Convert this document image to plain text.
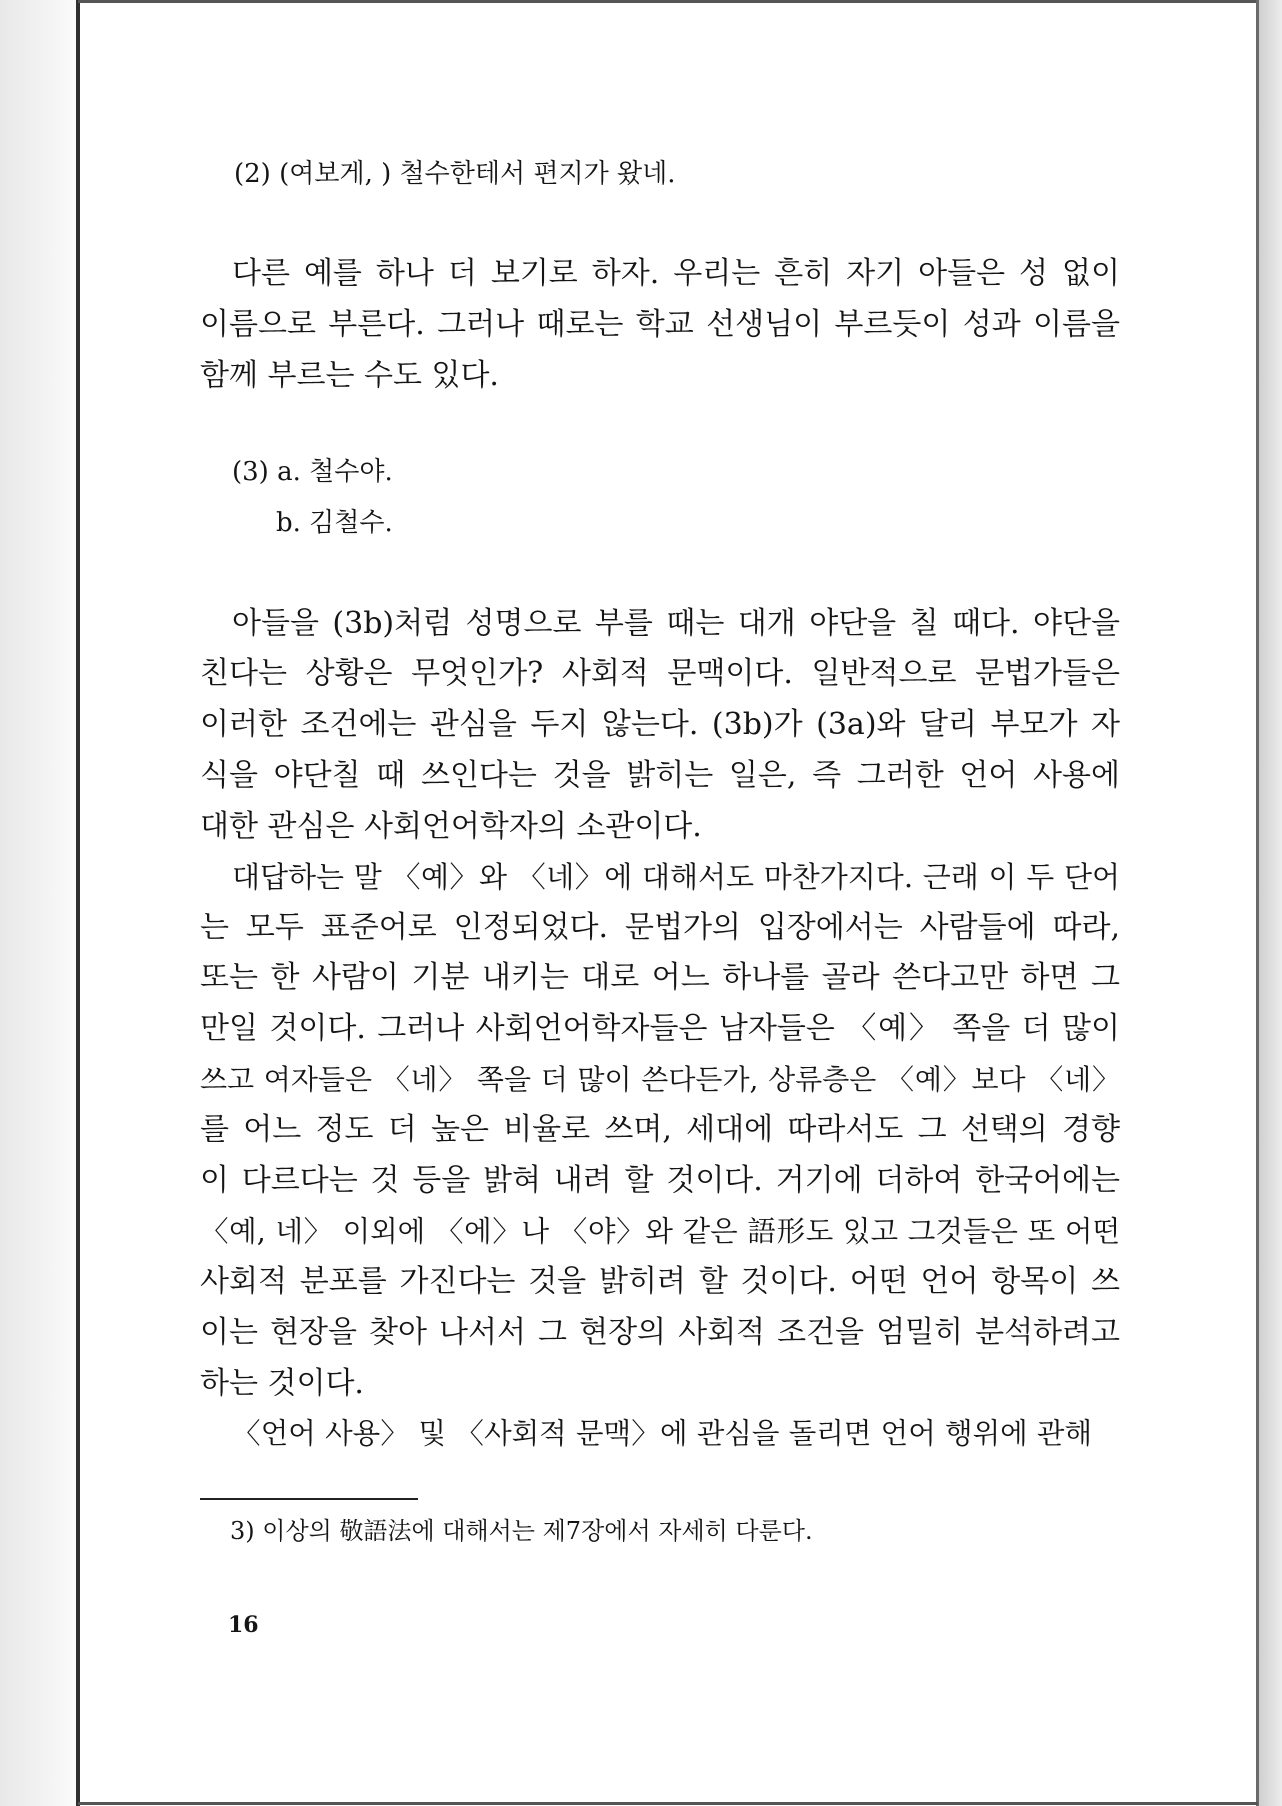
(2) (여보게, ) 철수한테서 편지가 왔네.
다른 예를 하나 더 보기로 하자. 우리는 흔히 자기 아들은 성 없이
이름으로 부른다. 그러나 때로는 학교 선생님이 부르듯이 성과 이름을
함께 부르는 수도 있다.
(3) a. 철수야.
b. 김철수.
아들을 (3b)처럼 성명으로 부를 때는 대개 야단을 칠 때다. 야단을
친다는 상황은 무엇인가? 사회적 문맥이다. 일반적으로 문법가들은
이러한 조건에는 관심을 두지 않는다. (3b)가 (3a)와 달리 부모가 자
식을 야단칠 때 쓰인다는 것을 밝히는 일은, 즉 그러한 언어 사용에
대한 관심은 사회언어학자의 소관이다.
대답하는 말 〈예〉와 〈네〉에 대해서도 마찬가지다. 근래 이 두 단어
는 모두 표준어로 인정되었다. 문법가의 입장에서는 사람들에 따라,
또는 한 사람이 기분 내키는 대로 어느 하나를 골라 쓴다고만 하면 그
만일 것이다. 그러나 사회언어학자들은 남자들은 〈예〉 쪽을 더 많이
쓰고 여자들은 〈네〉 쪽을 더 많이 쓴다든가, 상류층은 〈예〉보다 〈네〉
를 어느 정도 더 높은 비율로 쓰며, 세대에 따라서도 그 선택의 경향
이 다르다는 것 등을 밝혀 내려 할 것이다. 거기에 더하여 한국어에는
〈예, 네〉 이외에 〈에〉나 〈야〉와 같은 語形도 있고 그것들은 또 어떤
사회적 분포를 가진다는 것을 밝히려 할 것이다. 어떤 언어 항목이 쓰
이는 현장을 찾아 나서서 그 현장의 사회적 조건을 엄밀히 분석하려고
하는 것이다.
〈언어 사용〉 및 〈사회적 문맥〉에 관심을 돌리면 언어 행위에 관해
3) 이상의 敬語法에 대해서는 제7장에서 자세히 다룬다.
16
